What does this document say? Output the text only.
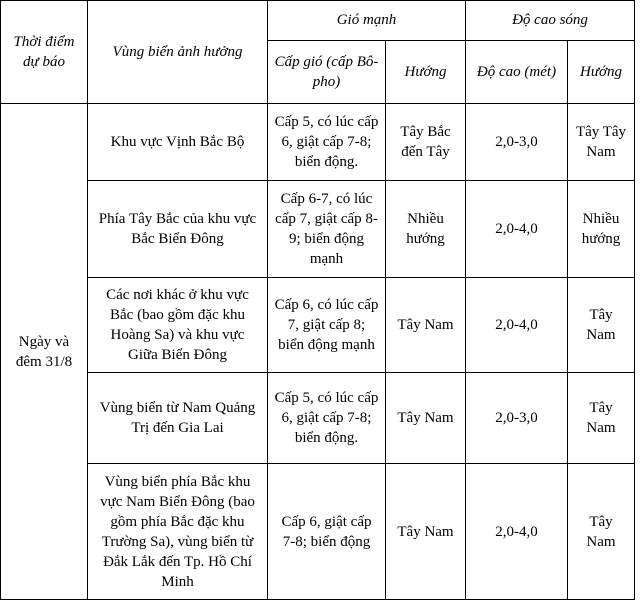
Thời điểm dự báo	Vùng biển ảnh hưởng	Gió mạnh		Độ cao sóng	

		Cấp gió (cấp Bô-pho)	Hướng	Độ cao (mét)	Hướng

Ngày và đêm 31/8	Khu vực Vịnh Bắc Bộ	Cấp 5, có lúc cấp 6, giật cấp 7-8; biển động.	Tây Bắc đến Tây	2,0-3,0	Tây Tây Nam

	Phía Tây Bắc của khu vực Bắc Biển Đông	Cấp 6-7, có lúc cấp 7, giật cấp 8-9; biển động mạnh	Nhiều hướng	2,0-4,0	Nhiều hướng

	Các nơi khác ở khu vực Bắc (bao gồm đặc khu Hoàng Sa) và khu vực Giữa Biển Đông	Cấp 6, có lúc cấp 7, giật cấp 8; biển động mạnh	Tây Nam	2,0-4,0	Tây Nam

	Vùng biển từ Nam Quảng Trị đến Gia Lai	Cấp 5, có lúc cấp 6, giật cấp 7-8; biển động.	Tây Nam	2,0-3,0	Tây Nam

	Vùng biển phía Bắc khu vực Nam Biển Đông (bao gồm phía Bắc đặc khu Trường Sa), vùng biển từ Đắk Lắk đến Tp. Hồ Chí Minh	Cấp 6, giật cấp 7-8; biển động	Tây Nam	2,0-4,0	Tây Nam
